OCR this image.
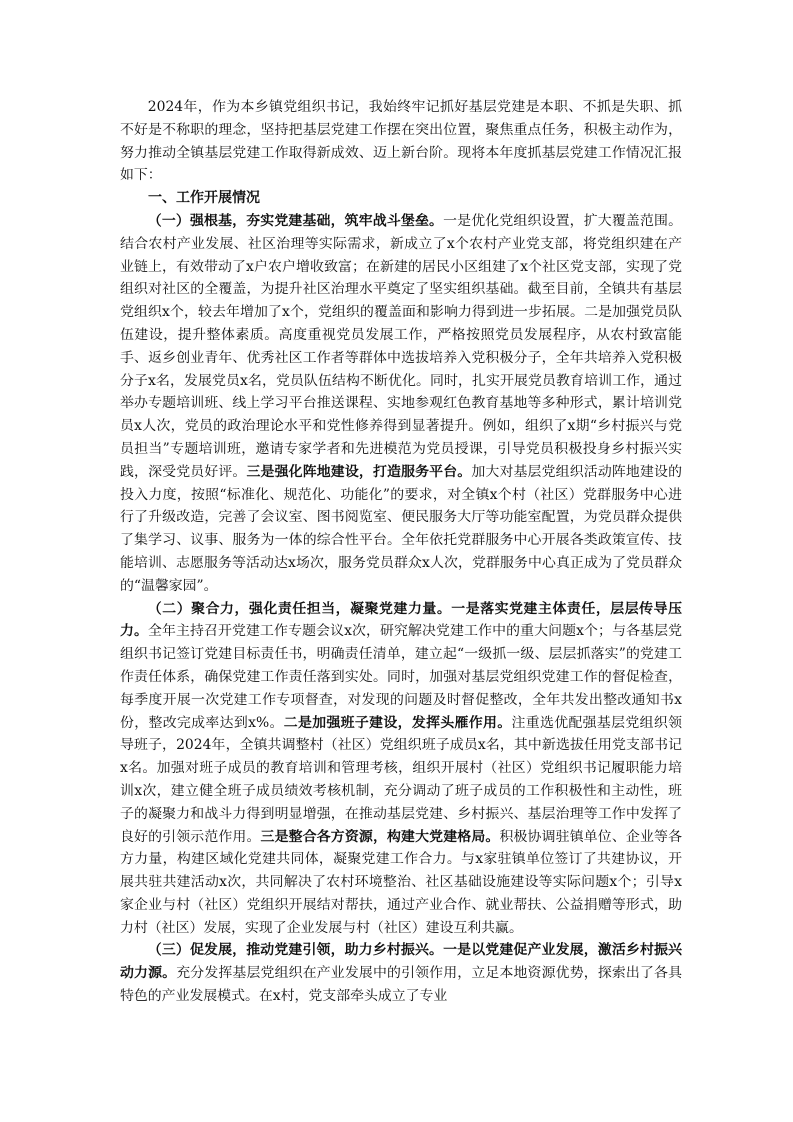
2024年，作为本乡镇党组织书记，我始终牢记抓好基层党建是本职、不抓是失职、抓不好是不称职的理念，坚持把基层党建工作摆在突出位置，聚焦重点任务，积极主动作为，努力推动全镇基层党建工作取得新成效、迈上新台阶。现将本年度抓基层党建工作情况汇报如下：

一、工作开展情况

（一）强根基，夯实党建基础，筑牢战斗堡垒。一是优化党组织设置，扩大覆盖范围。结合农村产业发展、社区治理等实际需求，新成立了x个农村产业党支部，将党组织建在产业链上，有效带动了x户农户增收致富；在新建的居民小区组建了x个社区党支部，实现了党组织对社区的全覆盖，为提升社区治理水平奠定了坚实组织基础。截至目前，全镇共有基层党组织x个，较去年增加了x个，党组织的覆盖面和影响力得到进一步拓展。二是加强党员队伍建设，提升整体素质。高度重视党员发展工作，严格按照党员发展程序，从农村致富能手、返乡创业青年、优秀社区工作者等群体中选拔培养入党积极分子，全年共培养入党积极分子x名，发展党员x名，党员队伍结构不断优化。同时，扎实开展党员教育培训工作，通过举办专题培训班、线上学习平台推送课程、实地参观红色教育基地等多种形式，累计培训党员x人次，党员的政治理论水平和党性修养得到显著提升。例如，组织了x期“乡村振兴与党员担当”专题培训班，邀请专家学者和先进模范为党员授课，引导党员积极投身乡村振兴实践，深受党员好评。三是强化阵地建设，打造服务平台。加大对基层党组织活动阵地建设的投入力度，按照“标准化、规范化、功能化”的要求，对全镇x个村（社区）党群服务中心进行了升级改造，完善了会议室、图书阅览室、便民服务大厅等功能室配置，为党员群众提供了集学习、议事、服务为一体的综合性平台。全年依托党群服务中心开展各类政策宣传、技能培训、志愿服务等活动达x场次，服务党员群众x人次，党群服务中心真正成为了党员群众的“温馨家园”。

（二）聚合力，强化责任担当，凝聚党建力量。一是落实党建主体责任，层层传导压力。全年主持召开党建工作专题会议x次，研究解决党建工作中的重大问题x个；与各基层党组织书记签订党建目标责任书，明确责任清单，建立起“一级抓一级、层层抓落实”的党建工作责任体系，确保党建工作责任落到实处。同时，加强对基层党组织党建工作的督促检查，每季度开展一次党建工作专项督查，对发现的问题及时督促整改，全年共发出整改通知书x份，整改完成率达到x%。二是加强班子建设，发挥头雁作用。注重选优配强基层党组织领导班子，2024年，全镇共调整村（社区）党组织班子成员x名，其中新选拔任用党支部书记x名。加强对班子成员的教育培训和管理考核，组织开展村（社区）党组织书记履职能力培训x次，建立健全班子成员绩效考核机制，充分调动了班子成员的工作积极性和主动性，班子的凝聚力和战斗力得到明显增强，在推动基层党建、乡村振兴、基层治理等工作中发挥了良好的引领示范作用。三是整合各方资源，构建大党建格局。积极协调驻镇单位、企业等各方力量，构建区域化党建共同体，凝聚党建工作合力。与x家驻镇单位签订了共建协议，开展共驻共建活动x次，共同解决了农村环境整治、社区基础设施建设等实际问题x个；引导x家企业与村（社区）党组织开展结对帮扶，通过产业合作、就业帮扶、公益捐赠等形式，助力村（社区）发展，实现了企业发展与村（社区）建设互利共赢。

（三）促发展，推动党建引领，助力乡村振兴。一是以党建促产业发展，激活乡村振兴动力源。充分发挥基层党组织在产业发展中的引领作用，立足本地资源优势，探索出了各具特色的产业发展模式。在x村，党支部牵头成立了专业
